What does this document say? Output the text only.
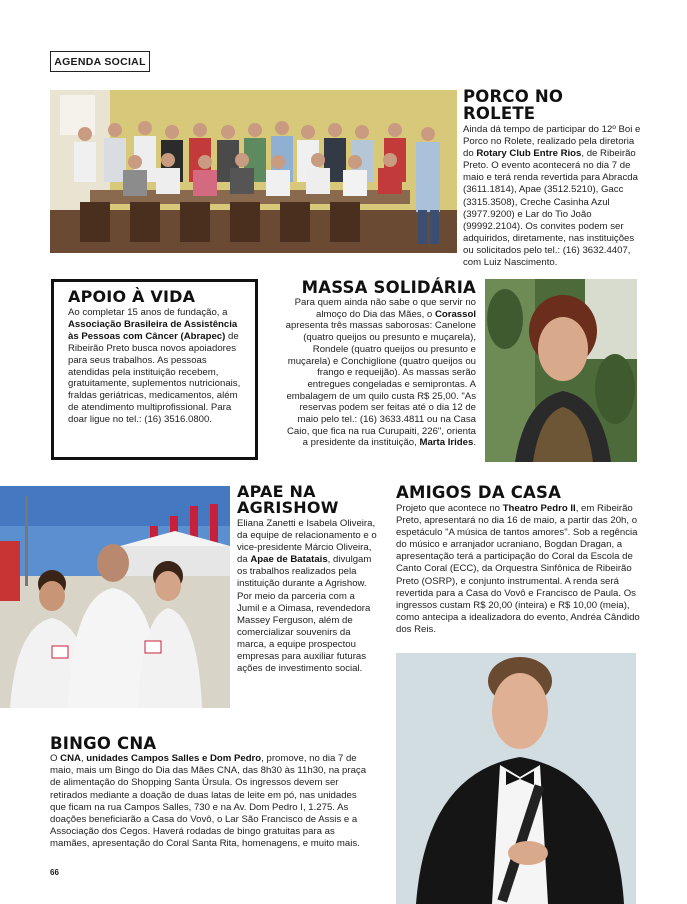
AGENDA SOCIAL
PORCO NO ROLETE

Ainda dá tempo de participar do 12º Boi e Porco no Rolete, realizado pela diretoria do Rotary Club Entre Rios, de Ribeirão Preto. O evento acontecerá no dia 7 de maio e terá renda revertida para Abracda (3611.1814), Apae (3512.5210), Gacc (3315.3508), Creche Casinha Azul (3977.9200) e Lar do Tio João (99992.2104). Os convites podem ser adquiridos, diretamente, nas instituições ou solicitados pelo tel.: (16) 3632.4407, com Luiz Nascimento.

APOIO À VIDA

Ao completar 15 anos de fundação, a Associação Brasileira de Assistência às Pessoas com Câncer (Abrapec) de Ribeirão Preto busca novos apoiadores para seus trabalhos. As pessoas atendidas pela instituição recebem, gratuitamente, suplementos nutricionais, fraldas geriátricas, medicamentos, além de atendimento multiprofissional. Para doar ligue no tel.: (16) 3516.0800.

MASSA SOLIDÁRIA

Para quem ainda não sabe o que servir no almoço do Dia das Mães, o Corassol apresenta três massas saborosas: Canelone (quatro queijos ou presunto e muçarela), Rondele (quatro queijos ou presunto e muçarela) e Conchiglione (quatro queijos ou frango e requeijão). As massas serão entregues congeladas e semiprontas. A embalagem de um quilo custa R$ 25,00. "As reservas podem ser feitas até o dia 12 de maio pelo tel.: (16) 3633.4811 ou na Casa Caio, que fica na rua Curupaiti, 226", orienta a presidente da instituição, Marta Irides.

APAE NA
AGRISHOW

Eliana Zanetti e Isabela Oliveira, da equipe de relacionamento e o vice-presidente Márcio Oliveira, da Apae de Batatais, divulgam os trabalhos realizados pela instituição durante a Agrishow. Por meio da parceria com a Jumil e a Oimasa, revendedora Massey Ferguson, além de comercializar souvenirs da marca, a equipe prospectou empresas para auxiliar futuras ações de investimento social.

AMIGOS DA CASA

Projeto que acontece no Theatro Pedro II, em Ribeirão Preto, apresentará no dia 16 de maio, a partir das 20h, o espetáculo "A música de tantos amores". Sob a regência do músico e arranjador ucraniano, Bogdan Dragan, a apresentação terá a participação do Coral da Escola de Canto Coral (ECC), da Orquestra Sinfônica de Ribeirão Preto (OSRP), e conjunto instrumental. A renda será revertida para a Casa do Vovô e Francisco de Paula. Os ingressos custam R$ 20,00 (inteira) e R$ 10,00 (meia), como antecipa a idealizadora do evento, Andréa Cândido dos Reis.

BINGO CNA

O CNA, unidades Campos Salles e Dom Pedro, promove, no dia 7 de maio, mais um Bingo do Dia das Mães CNA, das 8h30 às 11h30, na praça de alimentação do Shopping Santa Úrsula. Os ingressos devem ser retirados mediante a doação de duas latas de leite em pó, nas unidades que ficam na rua Campos Salles, 730 e na Av. Dom Pedro I, 1.275. As doações beneficiarão a Casa do Vovô, o Lar São Francisco de Assis e a Associação dos Cegos. Haverá rodadas de bingo gratuitas para as mamães, apresentação do Coral Santa Rita, homenagens, e muito mais.

66
